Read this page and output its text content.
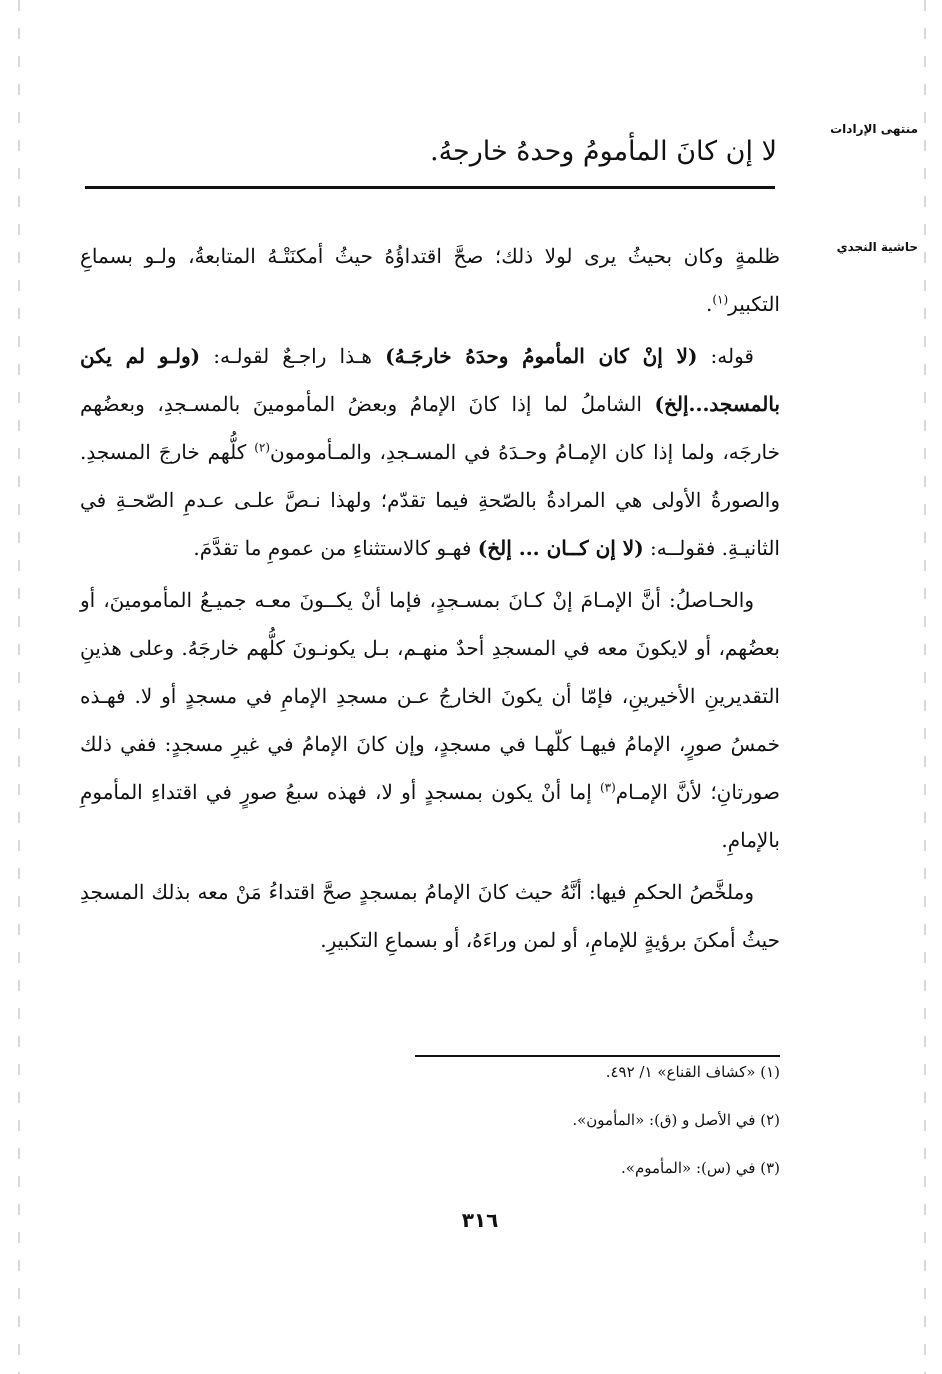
منتهى الإرادات
لا إن كانَ المأمومُ وحدهُ خارجهُ.
حاشية النجدي

ظلمةٍ وكان بحيثُ يرى لولا ذلك؛ صحَّ اقتداؤُهُ حيثُ أمكنَتْـهُ المتابعةُ، ولـو بسماعِ التكبير$^{(١)}$.

قوله: (لا إنْ كان المأمومُ وحدَهُ خارجَـهُ) هـذا راجـعٌ لقولـه: (ولـو لم يكن بالمسجد...إلخ) الشاملُ لما إذا كانَ الإمامُ وبعضُ المأمومينَ بالمسـجدِ، وبعضُهم خارجَه، ولما إذا كان الإمـامُ وحـدَهُ في المسـجدِ، والمـأمومون$^{(٢)}$ كلُّهم خارجَ المسجدِ. والصورةُ الأولى هي المرادةُ بالصّحةِ فيما تقدّم؛ ولهذا نـصَّ علـى عـدمِ الصّحـةِ في الثانيـةِ. فقولــه: (لا إن كــان ... إلخ) فهـو كالاستثناءِ من عمومِ ما تقدَّمَ.

والحـاصلُ: أنَّ الإمـامَ إنْ كـانَ بمسـجدٍ، فإما أنْ يكــونَ معـه جميـعُ المأمومينَ، أو بعضُهم، أو لايكونَ معه في المسجدِ أحدٌ منهـم، بـل يكونـونَ كلُّهم خارجَهُ. وعلى هذينِ التقديرينِ الأخيرينِ، فإمّا أن يكونَ الخارجُ عـن مسجدِ الإمامِ في مسجدٍ أو لا. فهـذه خمسُ صورٍ، الإمامُ فيهـا كلّهـا في مسجدٍ، وإن كانَ الإمامُ في غيرِ مسجدٍ: ففي ذلك صورتانِ؛ لأنَّ الإمـام$^{(٣)}$ إما أنْ يكون بمسجدٍ أو لا، فهذه سبعُ صورٍ في اقتداءِ المأمومِ بالإمامِ.

وملخَّصُ الحكمِ فيها: أنَّهُ حيث كانَ الإمامُ بمسجدٍ صحَّ اقتداءُ مَنْ معه بذلك المسجدِ حيثُ أمكنَ برؤيةٍ للإمامِ، أو لمن وراءَهُ، أو بسماعِ التكبيرِ.

(١) «كشاف القناع» ١/ ٤٩٢.
(٢) في الأصل و (ق): «المأمون».
(٣) في (س): «المأموم».
٣١٦
